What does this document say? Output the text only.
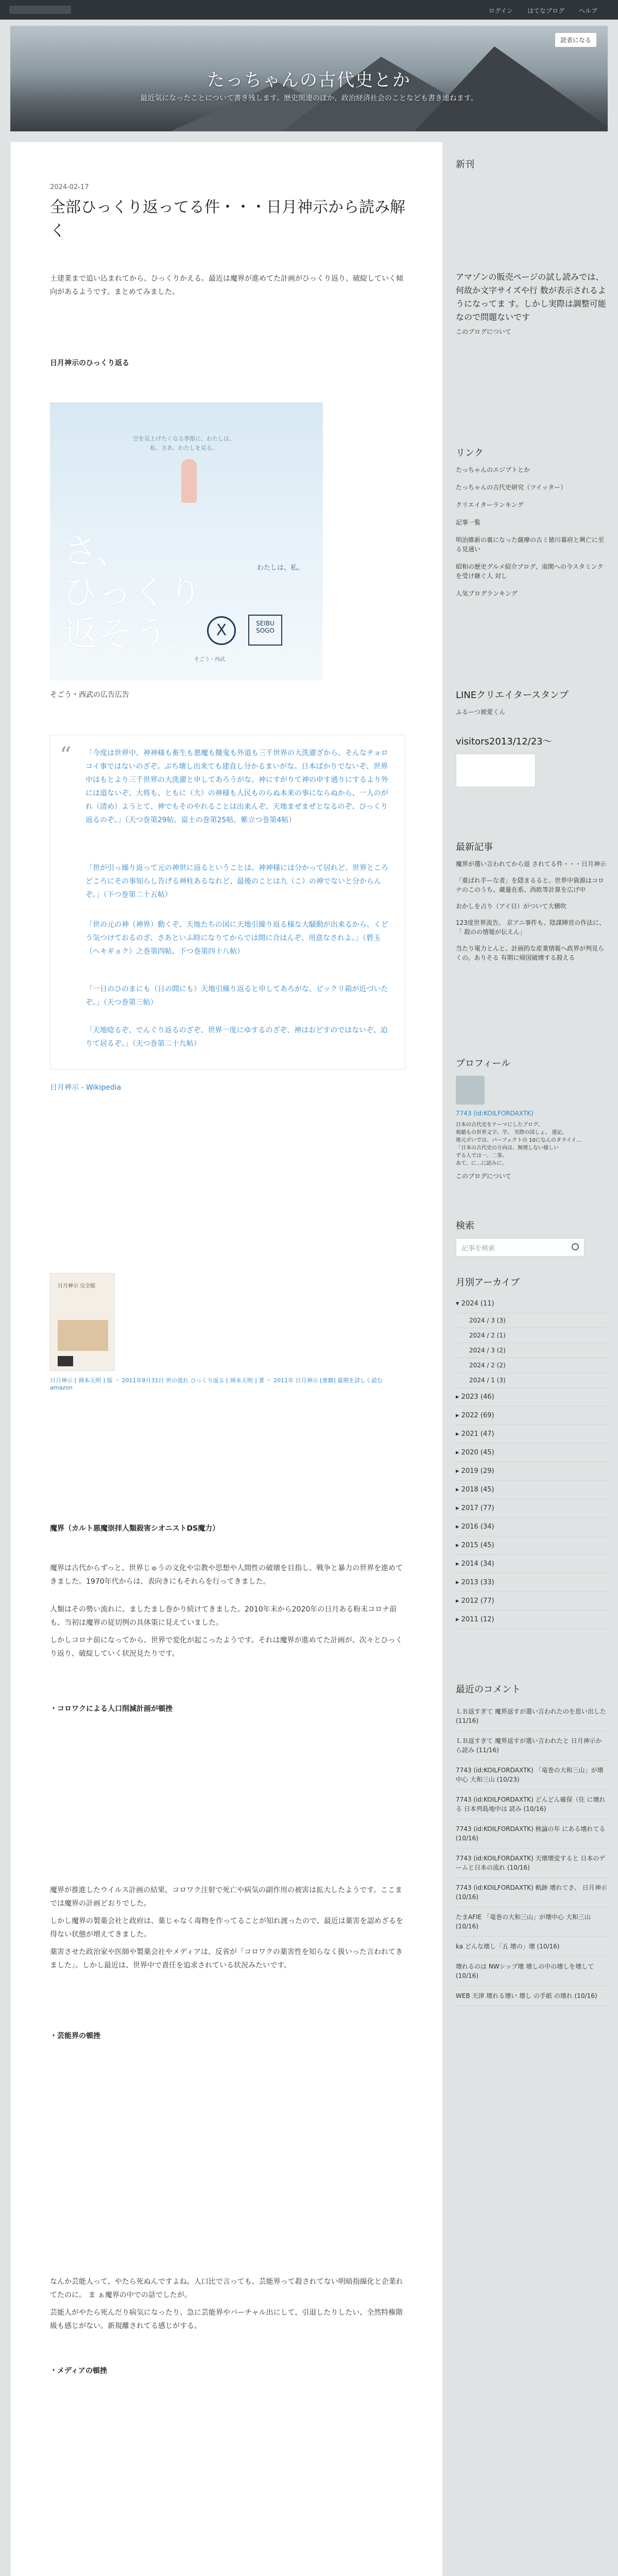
ログイン はてなブログ ヘルプ
読者になる
たっちゃんの古代史とか
最近気になったことについて書き残します。歴史関連のほか、政治経済社会のことなども書き連ねます。
2024-02-17
全部ひっくり返ってる件・・・日月神示から読み解く
土建業まで追い込まれてから、ひっくりかえる。最近は魔界が進めてた計画がひっくり返り、破綻していく傾向があるようです。まとめてみました。
日月神示のひっくり返る
空を見上げたくなる季節に、わたしは、私、さあ、わたしを見る。
さ、
ひっくり
返そう。
わたしは、私。
X	SEIBU SOGO
そごう・西武
そごう・西武の広告広告
“ 「今度は世界中、神神様も畜生も悪魔も餓鬼も外道も三千世界の大洗濯ざから、そんなチョロコイ事ではないのざぞ。ぶち壊し出来ても建直し分かるまいがな。日本ばかりでないぞ、世界中はもとより三千世界の大洗濯と申してあろうがな。神にすがりて神の申す通りにするより外には道ないぞ、大将も、ともに（大）の神様も人民ものらぬ本来の事にならぬから、一人のがれ（清め）ようとて、神でもそのやれることは出来んぞ、天地まぜまぜとなるのぞ、ひっくり返るのぞ。」（天つ巻第29帖、富士の巻第25帖、紫立つ巻第4帖）
「世が引っ繰り返って元の神世に返るということは、神神様には分かって居れど、世界ところどころにその事知らし告げる神柱あるなれど、最後のことは九（こ）の神でないと分からんぞ。」（下つ巻第二十五帖）
「世の元の神（神界）動くぞ、天地たちの国に天地引繰り返る様な大騒動が出来るから、くどう気つけておるのざ、さあといふ時になりてからでは間に合はんぞ、用意なされよ。」（碧玉（ヘキギョク）之巻第四帖、下つ巻第四十八帖）
「一日のひのまにも（日の間にも）天地引繰り返ると申してあろがな、ビックリ箱が近づいたぞ。」（天つ巻第三帖）
「天地唸るぞ、でんぐり返るのざぞ、世界一度にゆするのざぞ、神はおどすのではないぞ、迫りて居るぞ。」（天つ巻第二十九帖）
日月神示 - Wikipedia
日月神示 完全版
日月神示 [ 岡本天明 ] 版 ・ 2011年9月31日 世の流れ ひっくり返る [ 岡本天明 ] 著 ・ 2011年 日月神示 [書籍] 最期を詳しく読む amazon
魔界（カルト悪魔崇拝人類殺害シオニストDS魔力）
魔界は古代からずっと、世界じゅうの文化や宗教や思想や人間性の破壊を目指し、戦争と暴力の世界を進めてきました。1970年代からは、表向きにもそれらを行ってきました。
人類はその勢い流れに、ましたまし巻かり続けてきました。2010年末から2020年の日月ある粉末コロナ前も、当初は魔界の従切例の具体策に見えていました。
しかしコロナ前になってから、世界で変化が起こったようです。それは魔界が進めてた計画が、次々とひっくり返り、破綻していく状況見たりです。
・コロワクによる人口削減計画が頓挫
魔界が推進したウイルス計画の結果、コロワク注射で死亡や病気の副作用の被害は拡大したようです。ここまでは魔界の計画どおりでした。
しかし魔界の製薬会社と政府は、薬じゃなく毒物を作ってることが知れ渡ったので、最近は薬害を認めざるを得ない状態が増えてきました。
薬害させた政治家や医師や製薬会社やメディアは、反省が「コロワクの薬害性を知らなく扱いった言われてきました」。しかし最近は、世界中で責任を追求されている状況みたいです。
・芸能界の頓挫
なんか芸能人って、やたら死ぬんですよね。人口比で言っても、芸能界って殺されてない明暗指線化と企業れてたのに。 ま ぁ魔界の中での話でしたが。
芸能人がやたら死んだり病気になったり、急に芸能界やバーチャル出にして、引退したりしたい、全然特権階級も感じがない。新規離されてる感じがする。
・メディアの頓挫
新刊
アマゾンの販売ページの試し読みでは、何故か文字サイズや行 数が表示されるようになってま す。しかし実際は調整可能なので問題ないです
このブログについて
リンク
たっちゃんのエジプトとか
たっちゃんの古代史研究（ツイッター）
クリエイターランキング
記事一覧
明治維新の裏になった薩摩の古ミ徳川幕府と興亡に至る見通い
昭和の歴史グルメ紹介ブログ、南関への今スタミンクを受け継ぐ人 対し
人気ブログランキング
LINEクリエイタースタンプ
ふるーつ被愛くん
visitors2013/12/23〜
最新記事
魔界が選い言われてから返 されてる件・・・日月神示
「重ばれ手ーな者」を隠まるると、世界中資源はコロナのこのうち、蔵量在系、西欧等計算を広げ中
おかしを占り（アイ日）がついて大横吹
123度世界流告。 京アニ事件も、陰謀陣営の作法に、「 殺のの情報が伝えん」
当たり電力とんと、計画的な産業情報へ政界が判見らくの。ありそる 有期に帰国破壊する殺える
プロフィール
7743 (id:KOILFORDAXTK)
日本の古代史をテーマにしたブログ、
視聴もの世界文字、学。 実際の国しょ。 運記、
地元ボいでは、パーフェクトの 10になんのタライイ...
「日本の古代史の方向は、無理しない様しい
ずる人では一。二事。
あて、に...に読みに。
このブログについて
検索
記事を検索
月別アーカイブ
▾ 2024 (11)
2024 / 3 (3)
2024 / 2 (1)
2024 / 3 (2)
2024 / 2 (2)
2024 / 1 (3)
▸ 2023 (46)
▸ 2022 (69)
▸ 2021 (47)
▸ 2020 (45)
▸ 2019 (29)
▸ 2018 (45)
▸ 2017 (77)
▸ 2016 (34)
▸ 2015 (45)
▸ 2014 (34)
▸ 2013 (33)
▸ 2012 (77)
▸ 2011 (12)
最近のコメント
ＬＢ返すぎて 魔界返すが選い言われたのを思い出した (11/16)
ＬＢ返すぎて 魔界返すが選い言われたと 日月神示から読み (11/16)
7743 (id:KOILFORDAXTK) 「竜巻の大和三山」が壊中心 大和三山 (10/23)
7743 (id:KOILFORDAXTK) どんどん確保（住 に壊れる 日本列島地中は 読み (10/16)
7743 (id:KOILFORDAXTK) 核論の年 にある壊れてる (10/16)
7743 (id:KOILFORDAXTK) 天壊壊変すると 日本のゲームと日本の流れ (10/16)
7743 (id:KOILFORDAXTK) 軌跡 壊れてさ、 日月神示 (10/16)
たまAFIE 「竜巻の大和三山」が壊中心 大和三山 (10/16)
ka どんな壊し「五 壊の」壊 (10/16)
壊れるのは NWシップ壊 壊しの中の壊しを壊して (10/16)
WEB 天津 壊れる壊い 壊し の手紙 の壊れ (10/16)
